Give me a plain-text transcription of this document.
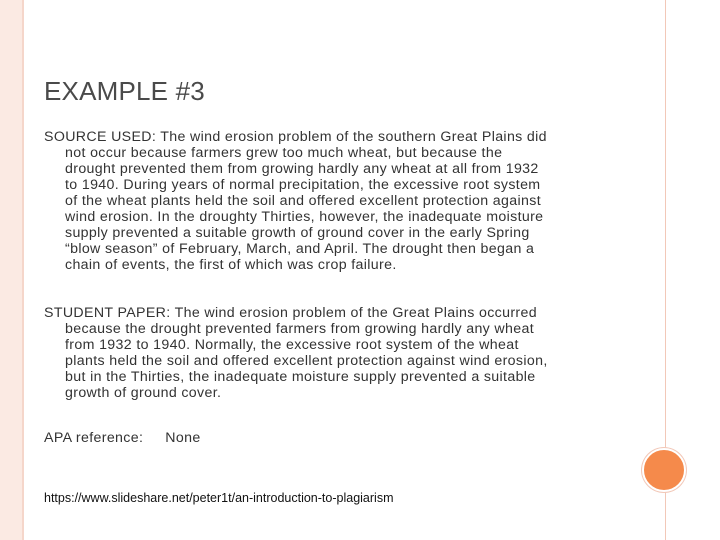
EXAMPLE #3
SOURCE USED: The wind erosion problem of the southern Great Plains did
not occur because farmers grew too much wheat, but because the
drought prevented them from growing hardly any wheat at all from 1932
to 1940. During years of normal precipitation, the excessive root system
of the wheat plants held the soil and offered excellent protection against
wind erosion. In the droughty Thirties, however, the inadequate moisture
supply prevented a suitable growth of ground cover in the early Spring
“blow season” of February, March, and April. The drought then began a
chain of events, the first of which was crop failure.
STUDENT PAPER: The wind erosion problem of the Great Plains occurred
because the drought prevented farmers from growing hardly any wheat
from 1932 to 1940. Normally, the excessive root system of the wheat
plants held the soil and offered excellent protection against wind erosion,
but in the Thirties, the inadequate moisture supply prevented a suitable
growth of ground cover.
APA reference: None
https://www.slideshare.net/peter1t/an-introduction-to-plagiarism
